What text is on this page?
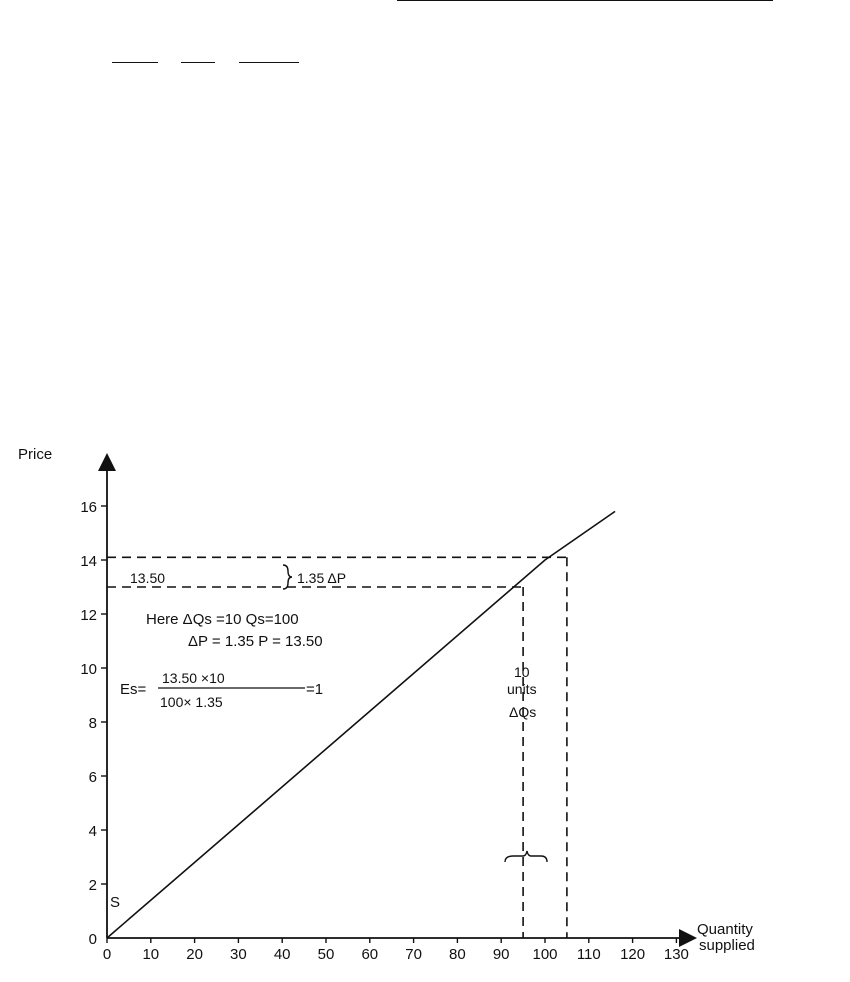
0 10 20 30 40 50 60 70 80 90 100 110 120 130
0
2
4
6
8
10
12
14
16
Price
Quantity
supplied
S
13.50	1.35 ΔP
Here ΔQs =10 Qs=100
ΔP = 1.35 P = 13.50
Es=
13.50 ×10
100× 1.35
=1
10
units
ΔQs
